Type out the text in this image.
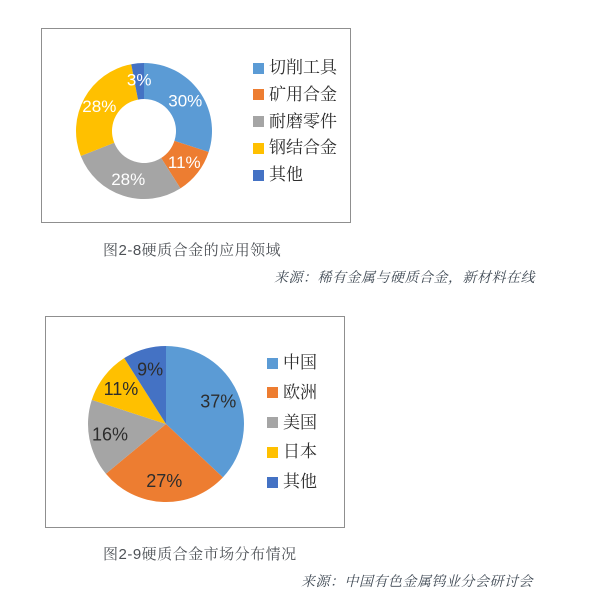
30%
11%
28%
28%
3%
切削工具
矿用合金
耐磨零件
钢结合金
其他
图2-8硬质合金的应用领域
来源：稀有金属与硬质合金，新材料在线
37%
27%
16%
11%
9%	中国
欧洲
美国
日本
其他
图2-9硬质合金市场分布情况
来源：中国有色金属钨业分会研讨会
